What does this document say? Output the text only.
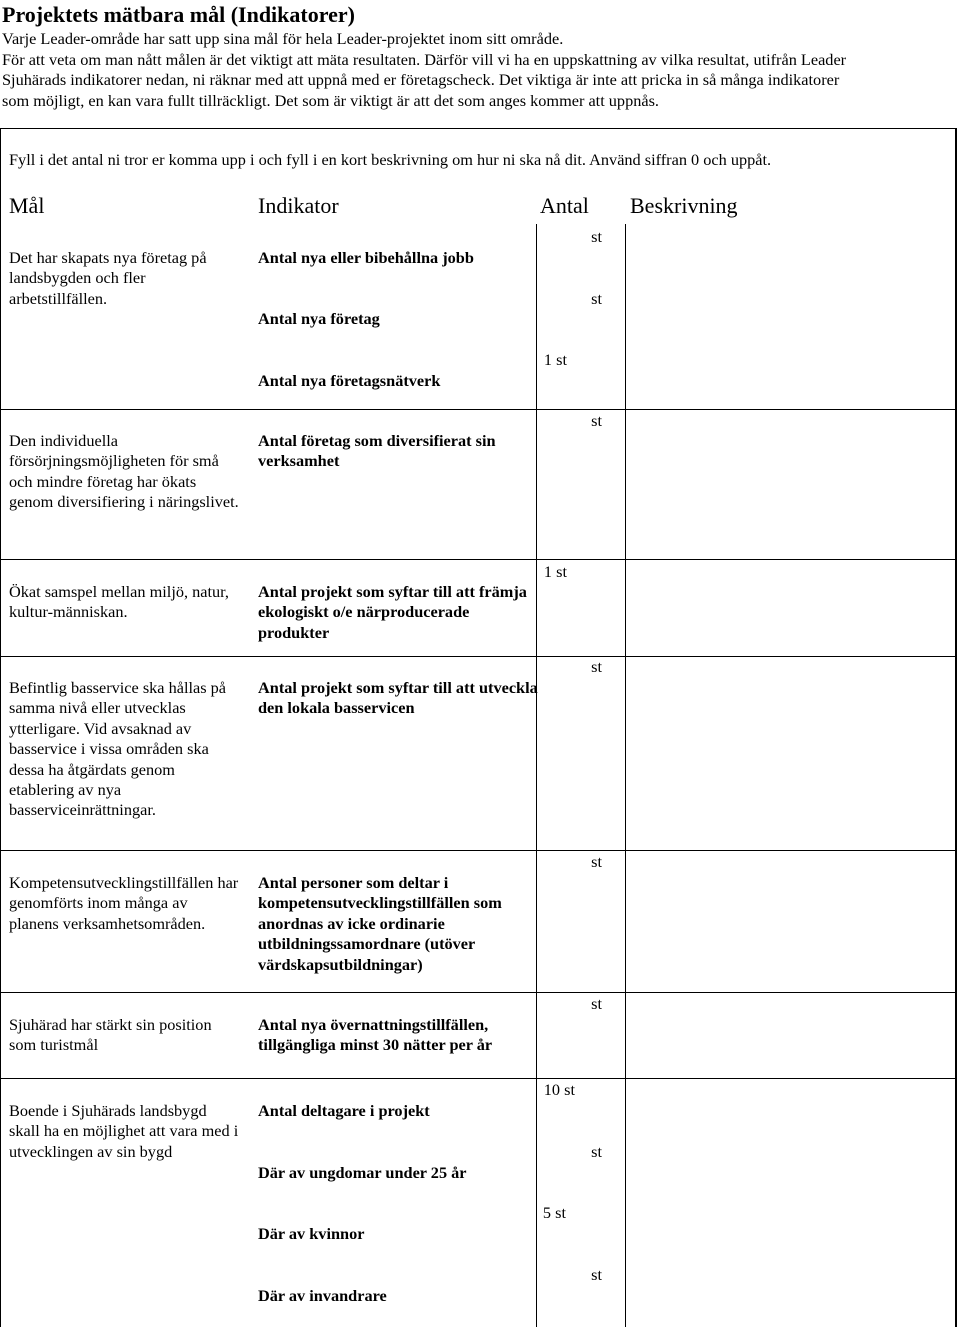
Projektets mätbara mål (Indikatorer)
Varje Leader-område har satt upp sina mål för hela Leader-projektet inom sitt område.
För att veta om man nått målen är det viktigt att mäta resultaten. Därför vill vi ha en uppskattning av vilka resultat, utifrån Leader
Sjuhärads indikatorer nedan, ni räknar med att uppnå med er företagscheck. Det viktiga är inte att pricka in så många indikatorer
som möjligt, en kan vara fullt tillräckligt. Det som är viktigt är att det som anges kommer att uppnås.
Fyll i det antal ni tror er komma upp i och fyll i en kort beskrivning om hur ni ska nå dit. Använd siffran 0 och uppåt.
Mål	Indikator	Antal Beskrivning
Det har skapats nya företag på landsbygden och fler arbetstillfällen.
Den individuella försörjningsmöjligheten för små och mindre företag har ökats genom diversifiering i näringslivet.
Ökat samspel mellan miljö, natur, kultur-människan.
Befintlig basservice ska hållas på samma nivå eller utvecklas ytterligare. Vid avsaknad av basservice i vissa områden ska dessa ha åtgärdats genom etablering av nya basserviceinrättningar.
Kompetensutvecklingstillfällen har genomförts inom många av planens verksamhetsområden.
Sjuhärad har stärkt sin position som turistmål
Boende i Sjuhärads landsbygd skall ha en möjlighet att vara med i utvecklingen av sin bygd
Antal nya eller bibehållna jobb
Antal nya företag
Antal nya företagsnätverk
Antal företag som diversifierat sin verksamhet
Antal projekt som syftar till att främja ekologiskt o/e närproducerade produkter
Antal projekt som syftar till att utveckla den lokala basservicen
Antal personer som deltar i kompetensutvecklingstillfällen som anordnas av icke ordinarie utbildningssamordnare (utöver värdskapsutbildningar)
Antal nya övernattningstillfällen, tillgängliga minst 30 nätter per år
Antal deltagare i projekt
Där av ungdomar under 25 år
Där av kvinnor
Där av invandrare
st
st
1 st
st
1 st
st
st
st
10 st
st
5 st
st
